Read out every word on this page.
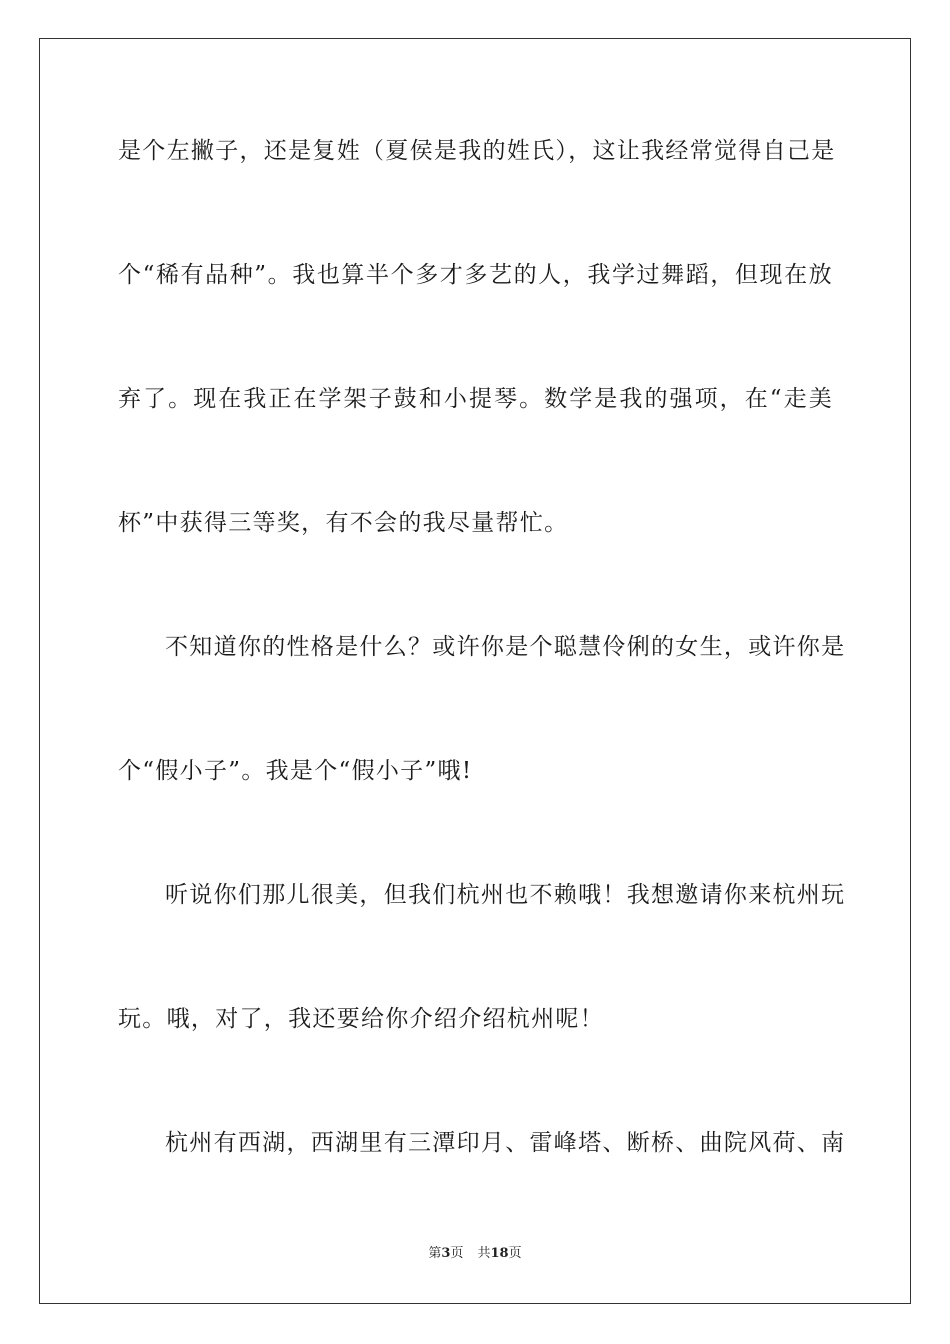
是个左撇子，还是复姓（夏侯是我的姓氏），这让我经常觉得自己是
个“稀有品种”。我也算半个多才多艺的人，我学过舞蹈，但现在放
弃了。现在我正在学架子鼓和小提琴。数学是我的强项，在“走美
杯”中获得三等奖，有不会的我尽量帮忙。
不知道你的性格是什么？或许你是个聪慧伶俐的女生，或许你是
个“假小子”。我是个“假小子”哦!
听说你们那儿很美，但我们杭州也不赖哦！我想邀请你来杭州玩
玩。哦，对了，我还要给你介绍介绍杭州呢！
杭州有西湖，西湖里有三潭印月、雷峰塔、断桥、曲院风荷、南
第3页 共18页
